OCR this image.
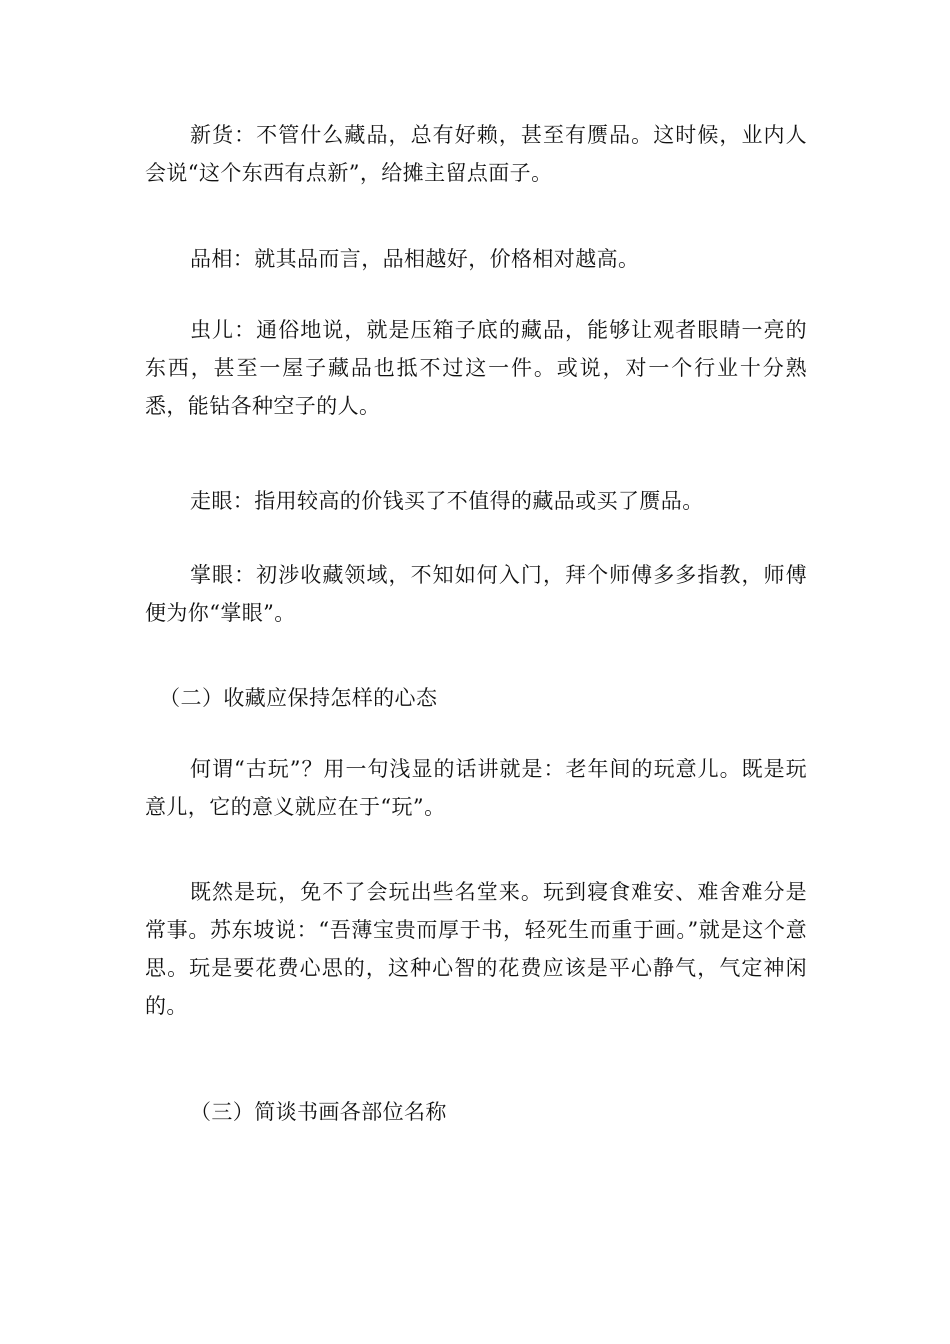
新货：不管什么藏品，总有好赖，甚至有赝品。这时候，业内人会说“这个东西有点新”，给摊主留点面子。

品相：就其品而言，品相越好，价格相对越高。

虫儿：通俗地说，就是压箱子底的藏品，能够让观者眼睛一亮的东西，甚至一屋子藏品也抵不过这一件。或说，对一个行业十分熟悉，能钻各种空子的人。

走眼：指用较高的价钱买了不值得的藏品或买了赝品。

掌眼：初涉收藏领域，不知如何入门，拜个师傅多多指教，师傅便为你“掌眼”。

（二）收藏应保持怎样的心态

何谓“古玩”？用一句浅显的话讲就是：老年间的玩意儿。既是玩意儿，它的意义就应在于“玩”。

既然是玩，免不了会玩出些名堂来。玩到寝食难安、难舍难分是常事。苏东坡说：“吾薄宝贵而厚于书，轻死生而重于画。”就是这个意思。玩是要花费心思的，这种心智的花费应该是平心静气，气定神闲的。

（三）简谈书画各部位名称
